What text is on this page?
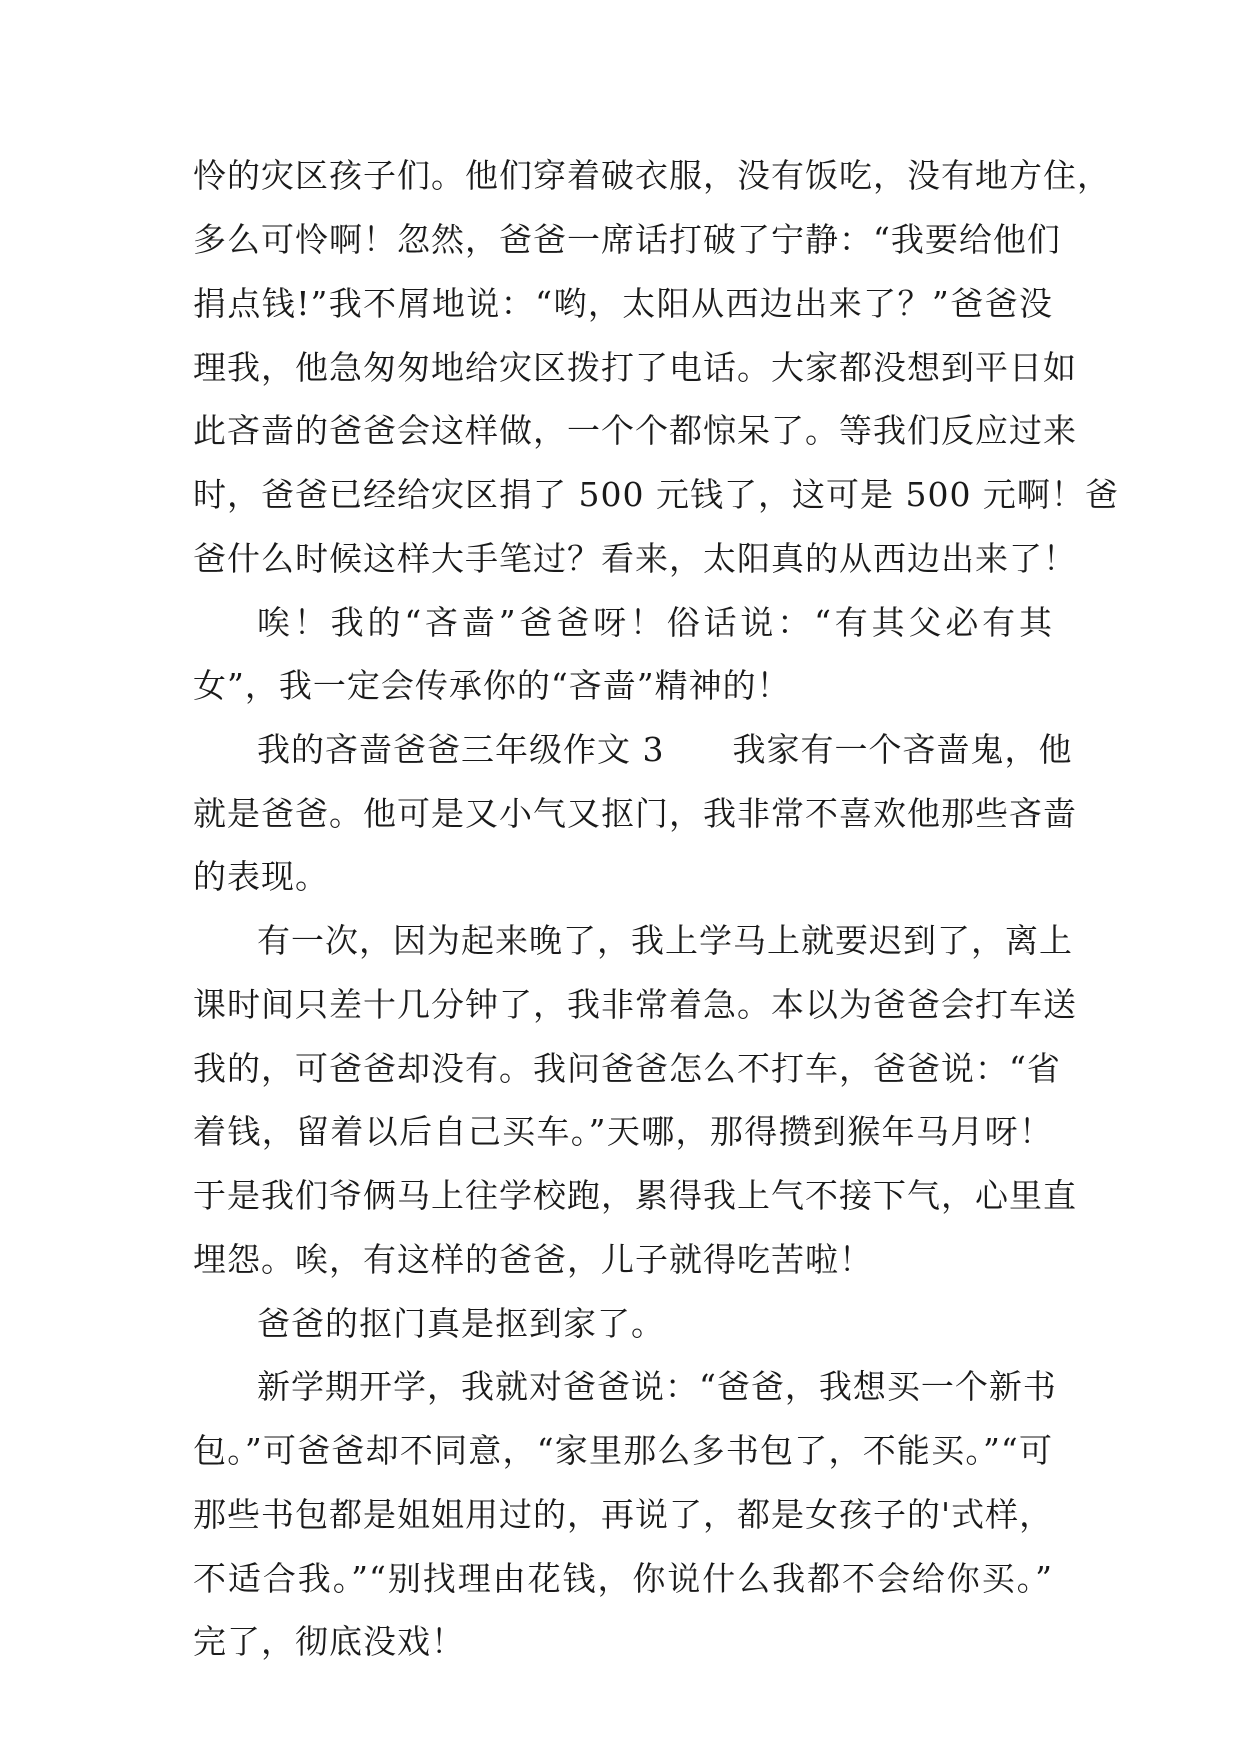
怜的灾区孩子们。他们穿着破衣服，没有饭吃，没有地方住，
多么可怜啊！忽然，爸爸一席话打破了宁静：“我要给他们
捐点钱!”我不屑地说：“哟，太阳从西边出来了？”爸爸没
理我，他急匆匆地给灾区拨打了电话。大家都没想到平日如
此吝啬的爸爸会这样做，一个个都惊呆了。等我们反应过来
时，爸爸已经给灾区捐了 500 元钱了，这可是 500 元啊！爸
爸什么时候这样大手笔过？看来，太阳真的从西边出来了！
唉！我的“吝啬”爸爸呀！俗话说：“有其父必有其
女”，我一定会传承你的“吝啬”精神的！
我的吝啬爸爸三年级作文 3　　我家有一个吝啬鬼，他
就是爸爸。他可是又小气又抠门，我非常不喜欢他那些吝啬
的表现。
有一次，因为起来晚了，我上学马上就要迟到了，离上
课时间只差十几分钟了，我非常着急。本以为爸爸会打车送
我的，可爸爸却没有。我问爸爸怎么不打车，爸爸说：“省
着钱，留着以后自己买车。”天哪，那得攒到猴年马月呀！
于是我们爷俩马上往学校跑，累得我上气不接下气，心里直
埋怨。唉，有这样的爸爸，儿子就得吃苦啦！
爸爸的抠门真是抠到家了。
新学期开学，我就对爸爸说：“爸爸，我想买一个新书
包。”可爸爸却不同意，“家里那么多书包了，不能买。”“可
那些书包都是姐姐用过的，再说了，都是女孩子的'式样，
不适合我。”“别找理由花钱，你说什么我都不会给你买。”
完了，彻底没戏！
